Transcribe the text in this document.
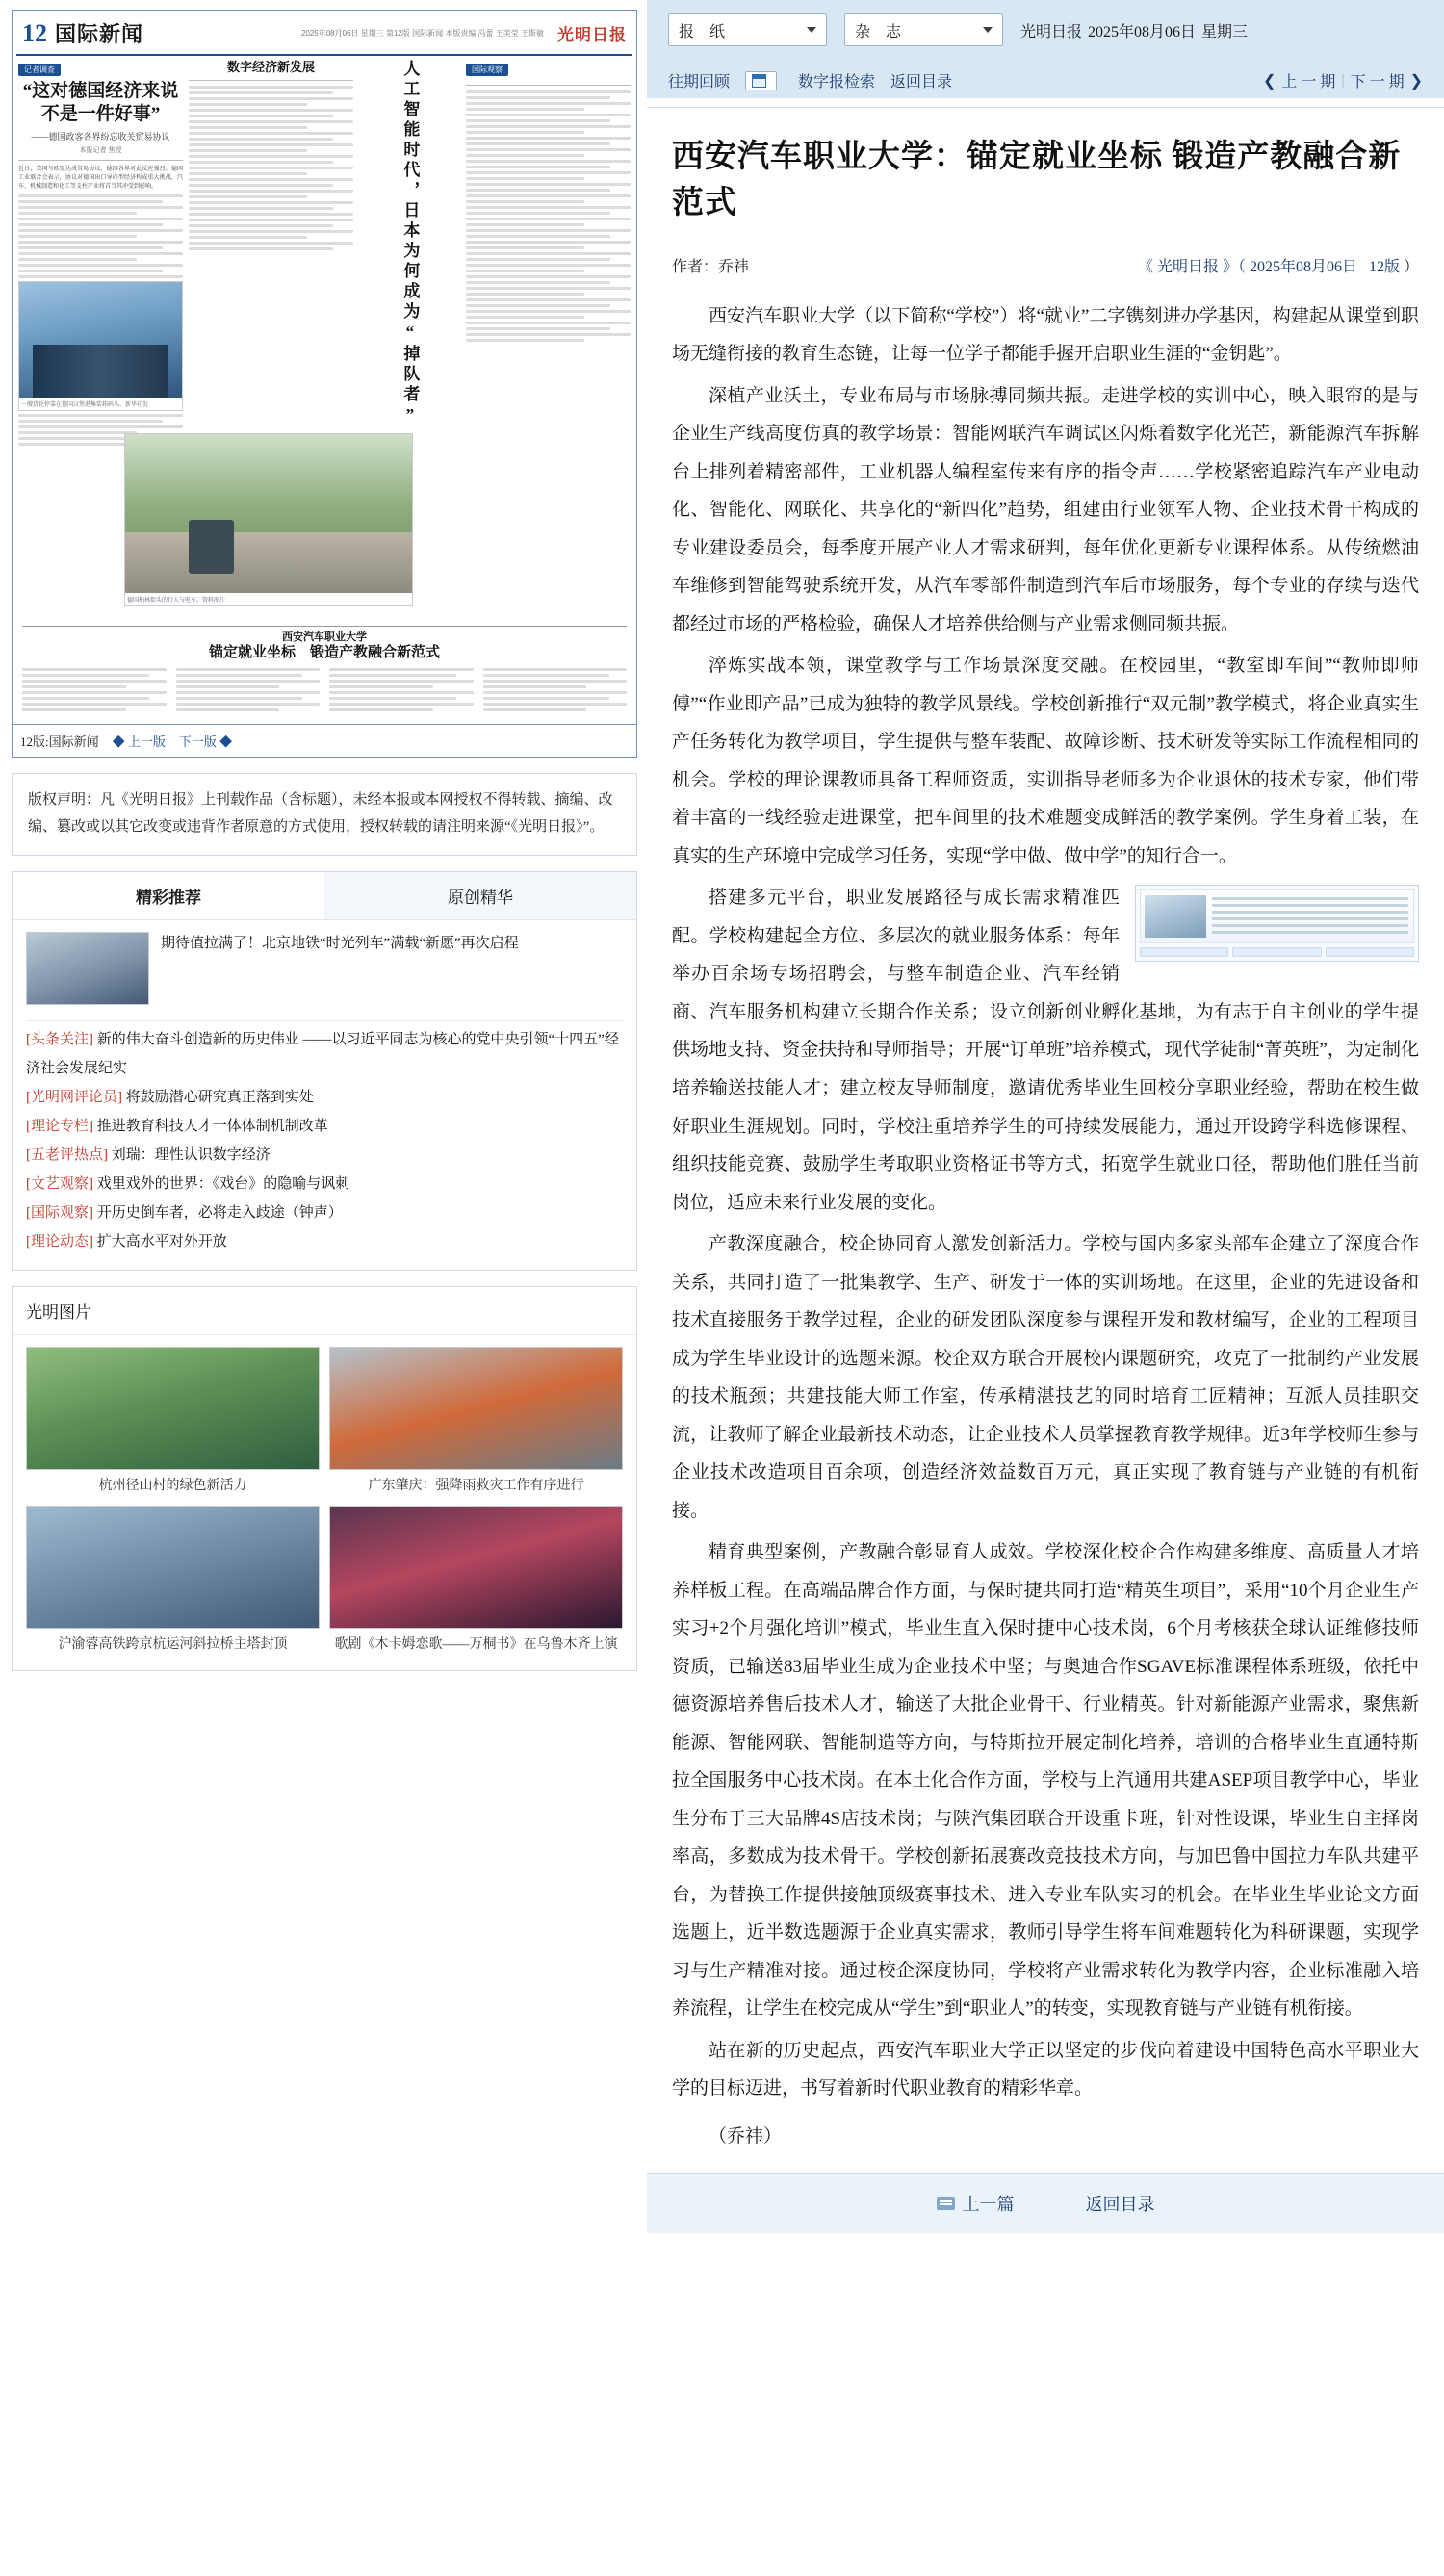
12 国际新闻	2025年08月06日 星期三 第12版 国际新闻 本版责编 冯蕾 王美莹 王斯敏 光明日报
记者调查
“这对德国经济来说不是一件好事”
——德国政客各界纷忘收关贸易协议
本报记者 焦授
近日，美国与欧盟达成贸易协议，德国各界对此反应强烈。德国工业联合会表示，协议对德国出口导向型经济构成重大挑战，汽车、机械制造和化工等支柱产业将首当其冲受到影响。
一艘货轮停靠在德国汉堡港集装箱码头。新华社发
数字经济新发展	人工智能时代，日本为何成为“掉队者”	国际观察
德国柏林街头的行人与电车。资料图片
西安汽车职业大学
锚定就业坐标　锻造产教融合新范式
12版:国际新闻 ◆ 上一版 下一版 ◆
版权声明：凡《光明日报》上刊载作品（含标题），未经本报或本网授权不得转载、摘编、改编、篡改或以其它改变或违背作者原意的方式使用，授权转载的请注明来源“《光明日报》”。
精彩推荐	原创精华
期待值拉满了！北京地铁“时光列车”满载“新愿”再次启程
[头条关注] 新的伟大奋斗创造新的历史伟业 ——以习近平同志为核心的党中央引领“十四五”经济社会发展纪实
[光明网评论员] 将鼓励潜心研究真正落到实处
[理论专栏] 推进教育科技人才一体体制机制改革
[五老评热点] 刘瑞：理性认识数字经济
[文艺观察] 戏里戏外的世界：《戏台》的隐喻与讽刺
[国际观察] 开历史倒车者，必将走入歧途（钟声）
[理论动态] 扩大高水平对外开放
光明图片
杭州径山村的绿色新活力	广东肇庆：强降雨救灾工作有序进行
沪渝蓉高铁跨京杭运河斜拉桥主塔封顶	歌剧《木卡姆恋歌——万桐书》在乌鲁木齐上演
报　纸	杂　志	光明日报 2025年08月06日 星期三
往期回顾	数字报检索	返回目录	❮ 上 一 期 | 下 一 期 ❯
西安汽车职业大学：锚定就业坐标 锻造产教融合新范式
作者：乔祎	《 光明日报 》（ 2025年08月06日 12版 ）

西安汽车职业大学（以下简称“学校”）将“就业”二字镌刻进办学基因，构建起从课堂到职场无缝衔接的教育生态链，让每一位学子都能手握开启职业生涯的“金钥匙”。

深植产业沃土，专业布局与市场脉搏同频共振。走进学校的实训中心，映入眼帘的是与企业生产线高度仿真的教学场景：智能网联汽车调试区闪烁着数字化光芒，新能源汽车拆解台上排列着精密部件，工业机器人编程室传来有序的指令声……学校紧密追踪汽车产业电动化、智能化、网联化、共享化的“新四化”趋势，组建由行业领军人物、企业技术骨干构成的专业建设委员会，每季度开展产业人才需求研判，每年优化更新专业课程体系。从传统燃油车维修到智能驾驶系统开发，从汽车零部件制造到汽车后市场服务，每个专业的存续与迭代都经过市场的严格检验，确保人才培养供给侧与产业需求侧同频共振。

淬炼实战本领，课堂教学与工作场景深度交融。在校园里，“教室即车间”“教师即师傅”“作业即产品”已成为独特的教学风景线。学校创新推行“双元制”教学模式，将企业真实生产任务转化为教学项目，学生提供与整车装配、故障诊断、技术研发等实际工作流程相同的机会。学校的理论课教师具备工程师资质，实训指导老师多为企业退休的技术专家，他们带着丰富的一线经验走进课堂，把车间里的技术难题变成鲜活的教学案例。学生身着工装，在真实的生产环境中完成学习任务，实现“学中做、做中学”的知行合一。

搭建多元平台，职业发展路径与成长需求精准匹配。学校构建起全方位、多层次的就业服务体系：每年举办百余场专场招聘会，与整车制造企业、汽车经销商、汽车服务机构建立长期合作关系；设立创新创业孵化基地，为有志于自主创业的学生提供场地支持、资金扶持和导师指导；开展“订单班”培养模式，现代学徒制“菁英班”，为定制化培养输送技能人才；建立校友导师制度，邀请优秀毕业生回校分享职业经验，帮助在校生做好职业生涯规划。同时，学校注重培养学生的可持续发展能力，通过开设跨学科选修课程、组织技能竞赛、鼓励学生考取职业资格证书等方式，拓宽学生就业口径，帮助他们胜任当前岗位，适应未来行业发展的变化。

产教深度融合，校企协同育人激发创新活力。学校与国内多家头部车企建立了深度合作关系，共同打造了一批集教学、生产、研发于一体的实训场地。在这里，企业的先进设备和技术直接服务于教学过程，企业的研发团队深度参与课程开发和教材编写，企业的工程项目成为学生毕业设计的选题来源。校企双方联合开展校内课题研究，攻克了一批制约产业发展的技术瓶颈；共建技能大师工作室，传承精湛技艺的同时培育工匠精神；互派人员挂职交流，让教师了解企业最新技术动态，让企业技术人员掌握教育教学规律。近3年学校师生参与企业技术改造项目百余项，创造经济效益数百万元，真正实现了教育链与产业链的有机衔接。

精育典型案例，产教融合彰显育人成效。学校深化校企合作构建多维度、高质量人才培养样板工程。在高端品牌合作方面，与保时捷共同打造“精英生项目”，采用“10个月企业生产实习+2个月强化培训”模式，毕业生直入保时捷中心技术岗，6个月考核获全球认证维修技师资质，已输送83届毕业生成为企业技术中坚；与奥迪合作SGAVE标准课程体系班级，依托中德资源培养售后技术人才，输送了大批企业骨干、行业精英。针对新能源产业需求，聚焦新能源、智能网联、智能制造等方向，与特斯拉开展定制化培养，培训的合格毕业生直通特斯拉全国服务中心技术岗。在本土化合作方面，学校与上汽通用共建ASEP项目教学中心，毕业生分布于三大品牌4S店技术岗；与陕汽集团联合开设重卡班，针对性设课，毕业生自主择岗率高，多数成为技术骨干。学校创新拓展赛改竞技技术方向，与加巴鲁中国拉力车队共建平台，为替换工作提供接触顶级赛事技术、进入专业车队实习的机会。在毕业生毕业论文方面选题上，近半数选题源于企业真实需求，教师引导学生将车间难题转化为科研课题，实现学习与生产精准对接。通过校企深度协同，学校将产业需求转化为教学内容，企业标准融入培养流程，让学生在校完成从“学生”到“职业人”的转变，实现教育链与产业链有机衔接。

站在新的历史起点，西安汽车职业大学正以坚定的步伐向着建设中国特色高水平职业大学的目标迈进，书写着新时代职业教育的精彩华章。

（乔祎）
上一篇	返回目录
